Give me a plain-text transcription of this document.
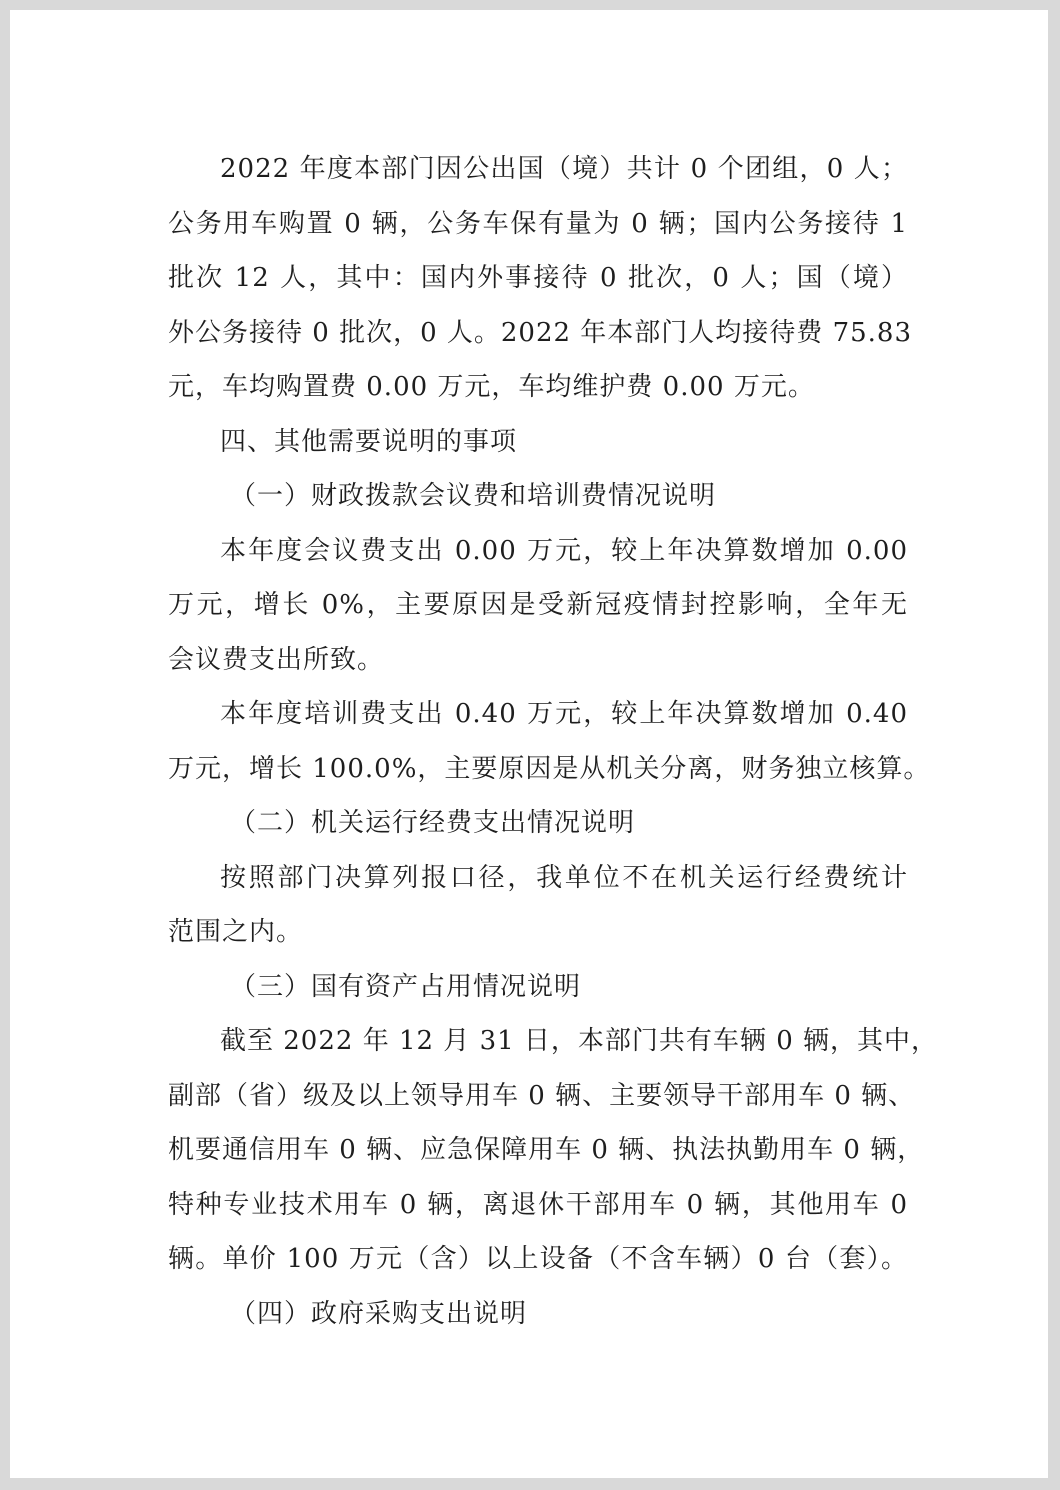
2022 年度本部门因公出国（境）共计 0 个团组，0 人；
公务用车购置 0 辆，公务车保有量为 0 辆；国内公务接待 1
批次 12 人，其中：国内外事接待 0 批次，0 人；国（境）
外公务接待 0 批次，0 人。2022 年本部门人均接待费 75.83
元，车均购置费 0.00 万元，车均维护费 0.00 万元。
四、其他需要说明的事项
（一）财政拨款会议费和培训费情况说明
本年度会议费支出 0.00 万元，较上年决算数增加 0.00
万元，增长 0%，主要原因是受新冠疫情封控影响，全年无
会议费支出所致。
本年度培训费支出 0.40 万元，较上年决算数增加 0.40
万元，增长 100.0%，主要原因是从机关分离，财务独立核算。
（二）机关运行经费支出情况说明
按照部门决算列报口径，我单位不在机关运行经费统计
范围之内。
（三）国有资产占用情况说明
截至 2022 年 12 月 31 日，本部门共有车辆 0 辆，其中，
副部（省）级及以上领导用车 0 辆、主要领导干部用车 0 辆、
机要通信用车 0 辆、应急保障用车 0 辆、执法执勤用车 0 辆，
特种专业技术用车 0 辆，离退休干部用车 0 辆，其他用车 0
辆。单价 100 万元（含）以上设备（不含车辆）0 台（套）。
（四）政府采购支出说明
